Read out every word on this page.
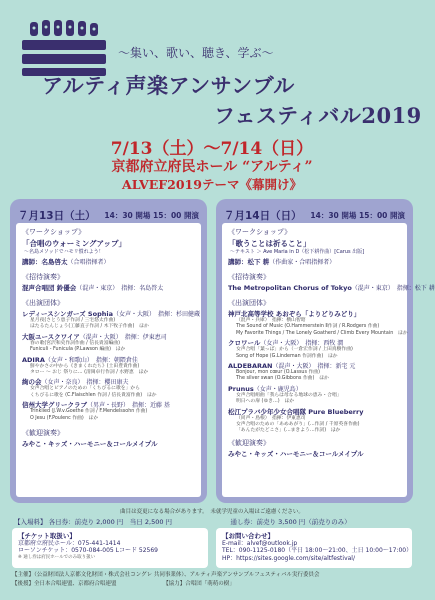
〜集い、歌い、聴き、学ぶ〜
アルティ声楽アンサンブル
フェスティバル2019
7/13（土）〜7/14（日）
京都府立府民ホール “アルティ”
ALVEF2019テーマ《幕開け》
７月13日（土） 14：30 開場 15：00 開演
《ワークショップ》
「合唱のウォーミングアップ」
〜名島メソッドでハモリ慣れよう！
講師：名島啓太（合唱指揮者）
《招待演奏》
混声合唱団 鈴優会（混声・東京）　指揮：名島啓太
《出演団体》
レディースシンガーズ Sophia（女声・大阪）　指揮：杉田健蔵
星月夜(さとう恵子作詞 / 三宅悠太作曲)
ほたるたんじょう(工藤直子作詞 / 木下牧子作曲)　ほか
大阪ユースクワイア（混声・大阪）　指揮：伊東恵司
春の歌(宮沢和史作詞作曲 / 信長貴富編曲)
Funiculi - Funicula (P.Lawson 編曲)　ほか
ADIRA（女声・和歌山）　指揮：朝隈倉佳
鮮やかさの中から《きまくれたち》(土田豊貴作曲)
タロー 〜 おじ 祭りに… (清岡卓行作詞 / 水野恵　ほか
絢の会（女声・奈良）　指揮：櫻田康夫
女声合唱とピアノのための「くちびるに歌を」から
くちびるに歌を (C.Flaischlen 作詞 / 信長貴富作曲)　ほか
信州大学グリークラブ（男声・長野）　指揮：近藤 基
Trinklied (J.W.v.Goethe 作詞 / F.Mendelssohn 作曲)
O Jesu (F.Poulenc 作曲)　ほか
《歓迎演奏》
みやこ・キッズ・ハーモニー＆コールメイプル
７月14日（日） 14：30 開場 15：00 開演
《ワークショップ》
「歌うことは祈ること」
〜テキスト ＞ Ave Maria in D（松下耕作曲）[Carus 出版]
講師：松下 耕（作曲家・合唱指揮者）
《招待演奏》
The Metropolitan Chorus of Tokyo（混声・東京）　指揮：松下 耕
《出演団体》
神戸北高等学校 あおぞら「よりどりみどり」
（混声・兵庫）　指揮：横山智昭
The Sound of Music (O.Hammerstein Ⅱ作詞 / R.Rodgers 作曲)
My Favorite Things / The Lonely Goatherd / Climb Every Mountain　ほか
クロワール（女声・大阪）　指揮：西牧 潤
女声合唱「葉っぱ」から（一倉宏作詞 / 上田真樹作曲)
Song of Hope (G.Lindeman 作詞作曲)　ほか
ALDEBARAN（混声・大阪）　指揮：新宅 元
Bonjour, mon cœur (O.Lassus 作曲)
The silver swan (O.Gibbons 作曲)　ほか
Prunus（女声・鹿児島）
女声合唱組曲「我らは母なる地球の恵み・合唱」
明日への扉 (ゆき…)　ほか
松江プラバ少年少女合唱隊 Pure Blueberry
（同声・島根）　指揮：伊東恵司
女声合唱のための「あめあがり」(…作詞 / 千原英喜作曲)
「あんたがたどこさ」(…まきよう…作詞)　ほか
《歓迎演奏》
みやこ・キッズ・ハーモニー＆コールメイプル
曲目は変更になる場合があります。　未就学児童の入場はご遠慮ください。
【入場料】 各日券：前売り 2,000 円　当日 2,500 円　　　　　　　　　通し券：前売り 3,500 円（前売りのみ）
【チケット取扱い】
京都府立府民ホール：075-441-1414
ローソンチケット：0570-084-005 Lコード 52569
※ 通し券は府民ホールでのみ取り扱い
【お問い合わせ】
E-mail：alvef@outlook.jp
TEL：090-1125-0180（平日 18:00〜21:00、土日 10:00〜17:00）
HP：https://sites.google.com/site/altfestival/
【主催】（公益財団法人京都文化財団・株式会社コングレ 共同事業体）、アルティ声楽アンサンブルフェスティバル実行委員会
【後援】全日本合唱連盟、京都府合唱連盟　　　　　　　　　【協力】合唱団「萌萌の樹」
